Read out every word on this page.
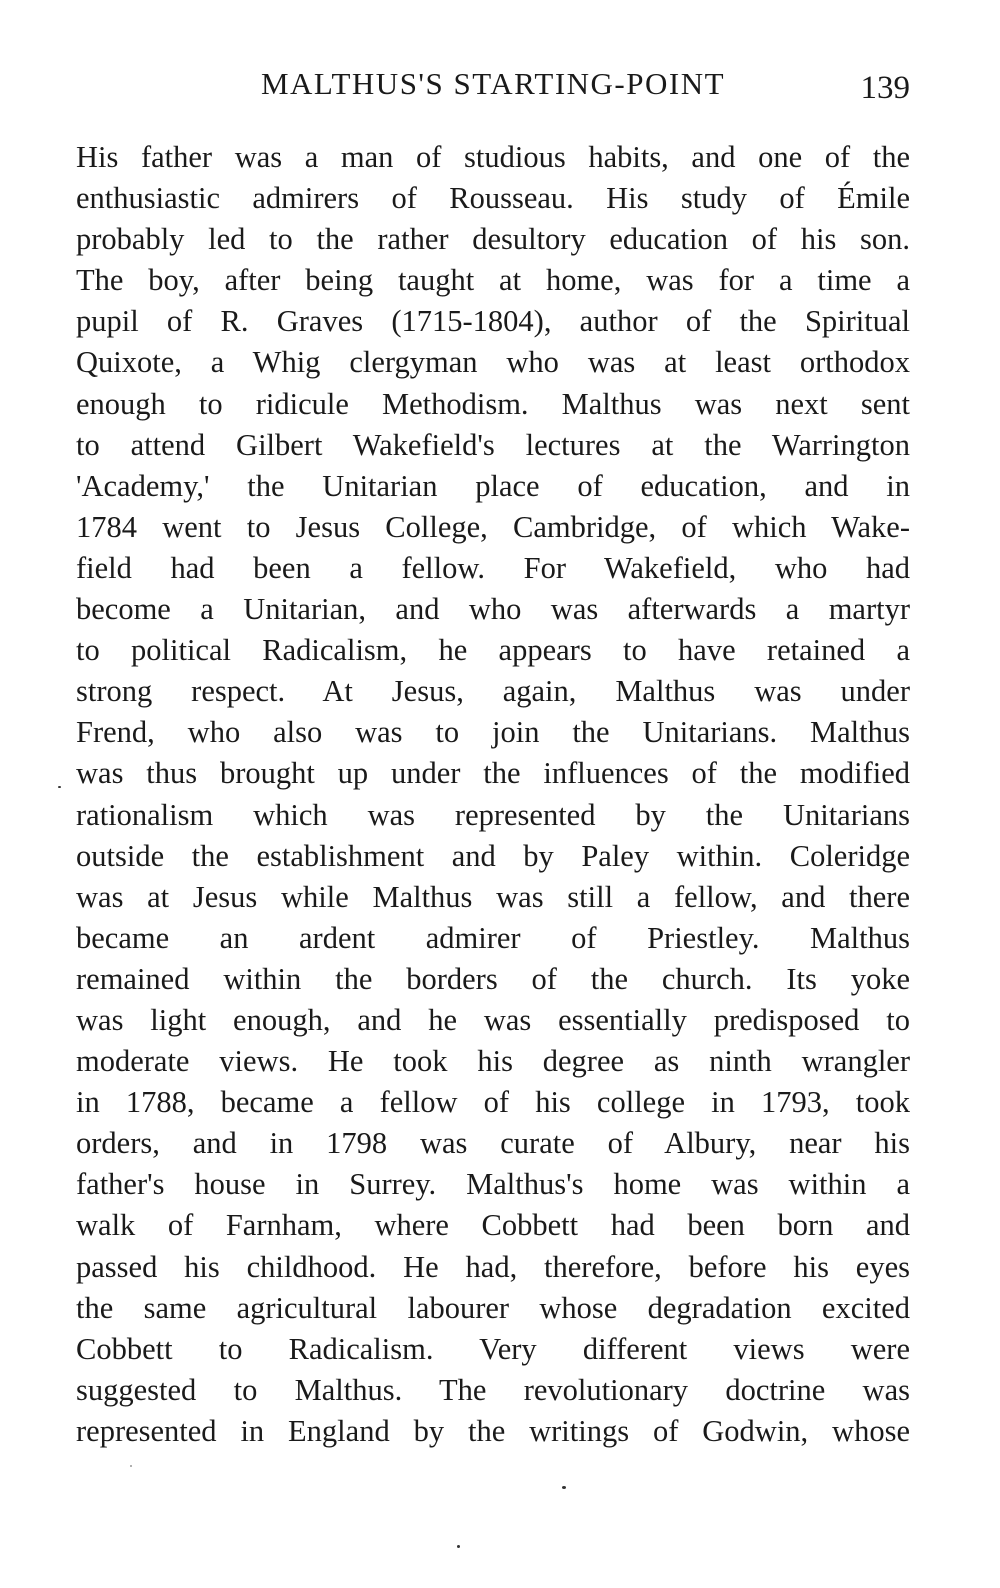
MALTHUS'S STARTING-POINT	139
His father was a man of studious habits, and one of the
enthusiastic admirers of Rousseau. His study of Émile
probably led to the rather desultory education of his son.
The boy, after being taught at home, was for a time a
pupil of R. Graves (1715-1804), author of the Spiritual
Quixote, a Whig clergyman who was at least orthodox
enough to ridicule Methodism. Malthus was next sent
to attend Gilbert Wakefield's lectures at the Warrington
'Academy,' the Unitarian place of education, and in
1784 went to Jesus College, Cambridge, of which Wake-
field had been a fellow. For Wakefield, who had
become a Unitarian, and who was afterwards a martyr
to political Radicalism, he appears to have retained a
strong respect. At Jesus, again, Malthus was under
Frend, who also was to join the Unitarians. Malthus
was thus brought up under the influences of the modified
rationalism which was represented by the Unitarians
outside the establishment and by Paley within. Coleridge
was at Jesus while Malthus was still a fellow, and there
became an ardent admirer of Priestley. Malthus
remained within the borders of the church. Its yoke
was light enough, and he was essentially predisposed to
moderate views. He took his degree as ninth wrangler
in 1788, became a fellow of his college in 1793, took
orders, and in 1798 was curate of Albury, near his
father's house in Surrey. Malthus's home was within a
walk of Farnham, where Cobbett had been born and
passed his childhood. He had, therefore, before his eyes
the same agricultural labourer whose degradation excited
Cobbett to Radicalism. Very different views were
suggested to Malthus. The revolutionary doctrine was
represented in England by the writings of Godwin, whose
